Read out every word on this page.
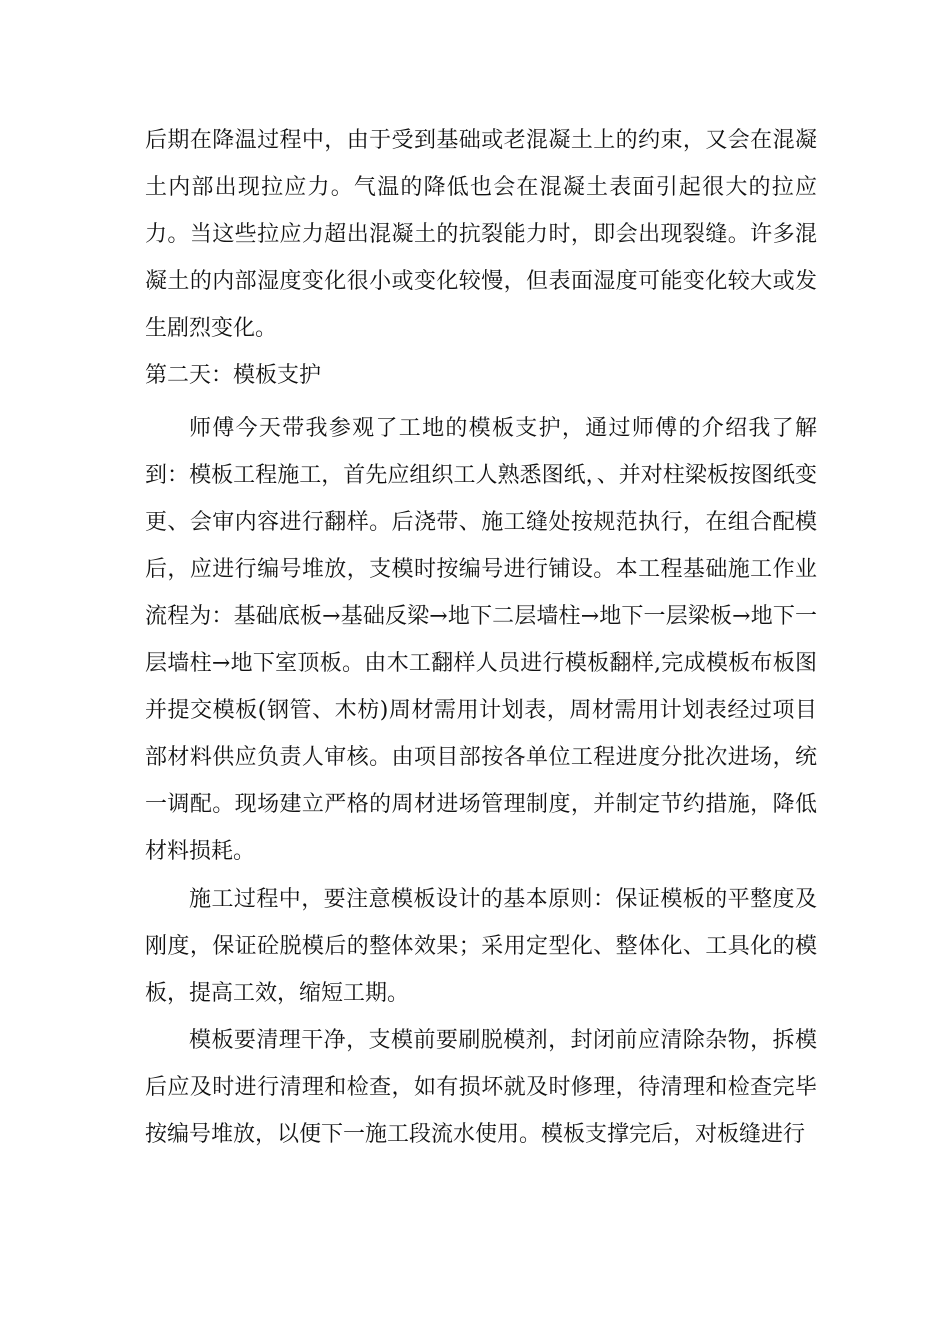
后期在降温过程中，由于受到基础或老混凝土上的约束，又会在混凝土内部出现拉应力。气温的降低也会在混凝土表面引起很大的拉应力。当这些拉应力超出混凝土的抗裂能力时，即会出现裂缝。许多混凝土的内部湿度变化很小或变化较慢，但表面湿度可能变化较大或发生剧烈变化。

第二天：模板支护

师傅今天带我参观了工地的模板支护，通过师傅的介绍我了解到：模板工程施工，首先应组织工人熟悉图纸，、并对柱梁板按图纸变更、会审内容进行翻样。后浇带、施工缝处按规范执行，在组合配模后，应进行编号堆放，支模时按编号进行铺设。本工程基础施工作业流程为：基础底板→基础反梁→地下二层墙柱→地下一层梁板→地下一层墙柱→地下室顶板。由木工翻样人员进行模板翻样,完成模板布板图并提交模板(钢管、木枋)周材需用计划表，周材需用计划表经过项目部材料供应负责人审核。由项目部按各单位工程进度分批次进场，统一调配。现场建立严格的周材进场管理制度，并制定节约措施，降低材料损耗。

施工过程中，要注意模板设计的基本原则：保证模板的平整度及刚度，保证砼脱模后的整体效果；采用定型化、整体化、工具化的模板，提高工效，缩短工期。

模板要清理干净，支模前要刷脱模剂，封闭前应清除杂物，拆模后应及时进行清理和检查，如有损坏就及时修理，待清理和检查完毕按编号堆放，以便下一施工段流水使用。模板支撑完后，对板缝进行
